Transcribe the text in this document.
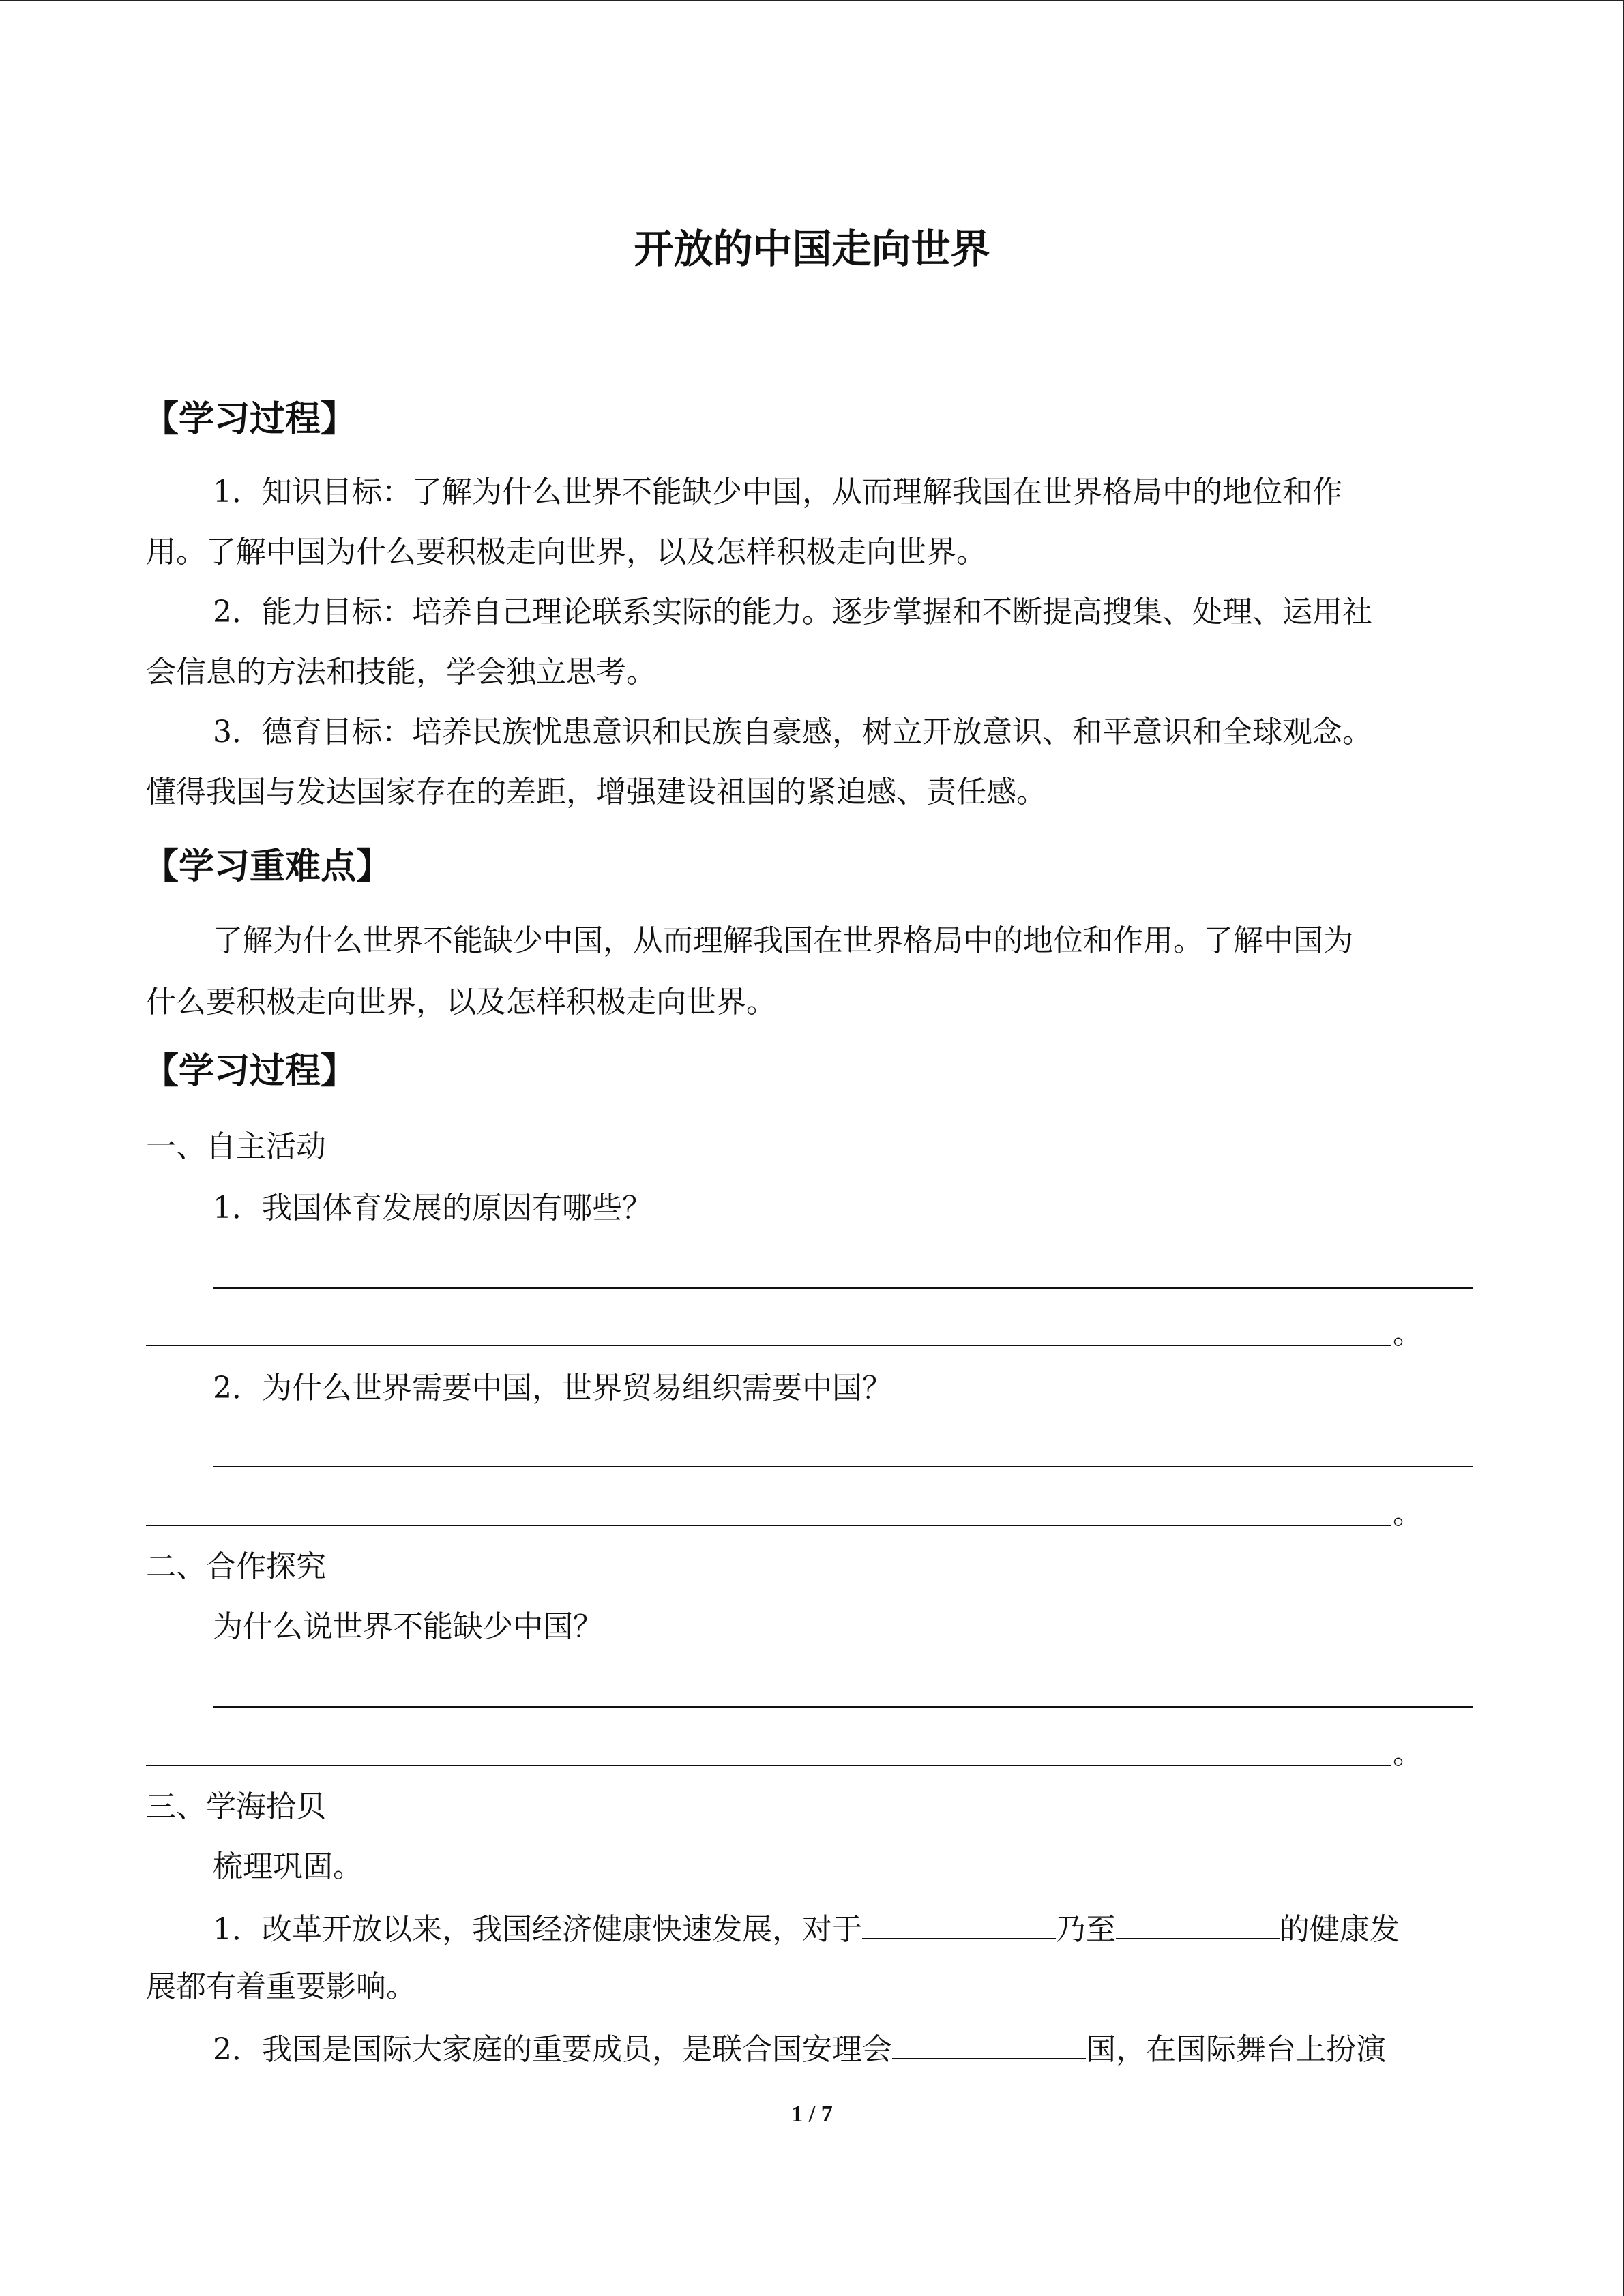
开放的中国走向世界
【学习过程】
1．知识目标：了解为什么世界不能缺少中国，从而理解我国在世界格局中的地位和作
用。了解中国为什么要积极走向世界，以及怎样积极走向世界。
2．能力目标：培养自己理论联系实际的能力。逐步掌握和不断提高搜集、处理、运用社
会信息的方法和技能，学会独立思考。
3．德育目标：培养民族忧患意识和民族自豪感，树立开放意识、和平意识和全球观念。
懂得我国与发达国家存在的差距，增强建设祖国的紧迫感、责任感。
【学习重难点】
了解为什么世界不能缺少中国，从而理解我国在世界格局中的地位和作用。了解中国为
什么要积极走向世界，以及怎样积极走向世界。
【学习过程】
一、自主活动
1．我国体育发展的原因有哪些？
。
2．为什么世界需要中国，世界贸易组织需要中国？
。
二、合作探究
为什么说世界不能缺少中国？
。
三、学海拾贝
梳理巩固。
1．改革开放以来，我国经济健康快速发展，对于	乃至	的健康发
展都有着重要影响。
2．我国是国际大家庭的重要成员，是联合国安理会	国，在国际舞台上扮演
1 / 7
